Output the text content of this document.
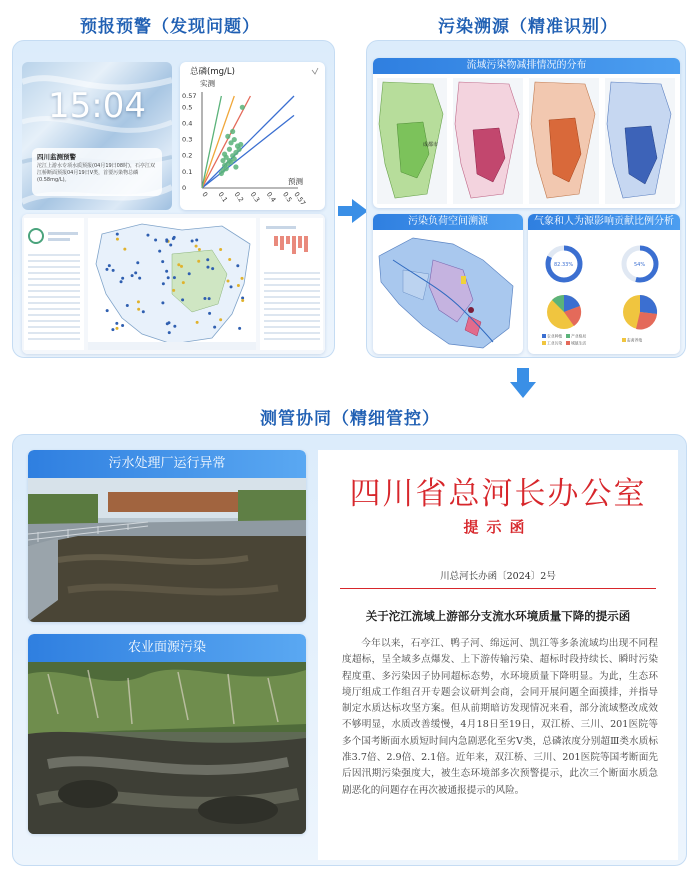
预报预警（发现问题）	污染溯源（精准识别）
15:04
四川监测预警
沱江上游水专项水质预报(04月19日08时)，石亭江双江桥断面预报04月19日V类，首要污染物总磷(0.58mg/L)。
总磷(mg/L)
实测
预测
0.57
0.5
0.4
0.3
0.2
0.1
0
0 0.1 0.2 0.3 0.4 0.5
0.57
流域污染物减排情况的分布
成都市
污染负荷空间溯源	气象和人为源影响贡献比例分析
82.33%	54%
农业种植 产业格局
工业污染 城镇生活
畜禽养殖
测管协同（精细管控）
污水处理厂运行异常
农业面源污染
四川省总河长办公室
提示函
川总河长办函〔2024〕2号
关于沱江流域上游部分支流水环境质量下降的提示函
今年以来，石亭江、鸭子河、绵远河、凯江等多条流域均出现不同程度超标，呈全域多点爆发、上下游传输污染、超标时段持续长、瞬时污染程度重、多污染因子协同超标态势，水环境质量下降明显。为此，生态环境厅组成工作组召开专题会议研判会商，会同开展问题全面摸排，并指导制定水质达标攻坚方案。但从前期暗访发现情况来看，部分流域整改成效不够明显，水质改善缓慢，4月18日至19日，双江桥、三川、201医院等多个国考断面水质短时间内急剧恶化至劣V类，总磷浓度分别超Ⅲ类水质标准3.7倍、2.9倍、2.1倍。近年来，双江桥、三川、201医院等国考断面先后因汛期污染强度大，被生态环境部多次预警提示，此次三个断面水质急剧恶化的问题存在再次被通报提示的风险。
